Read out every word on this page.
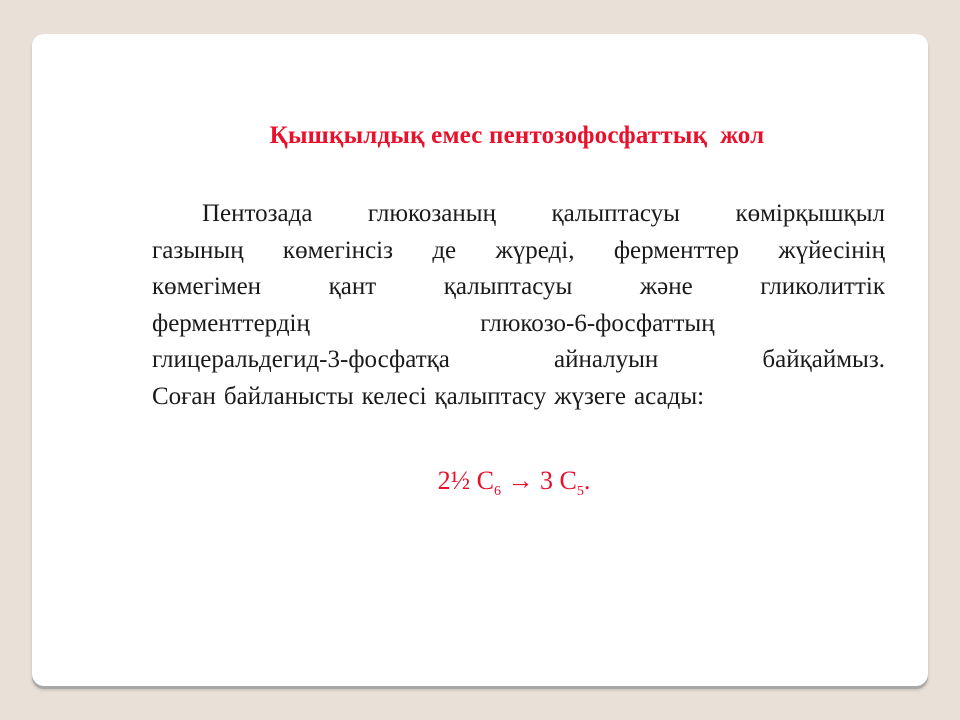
Қышқылдық емес пентозофосфаттық  жол
Пентозада глюкозаның қалыптасуы көмірқышқыл
газының көмегінсіз де жүреді, ферменттер жүйесінің
көмегімен	қант	қалыптасуы	және	гликолиттік
ферменттердің	глюкозо-6-фосфаттың
глицеральдегид-3-фосфатқа	айналуын	байқаймыз.
Соған байланысты келесі қалыптасу жүзеге асады:
2½ $С_6 \to 3$ $С_5$.
